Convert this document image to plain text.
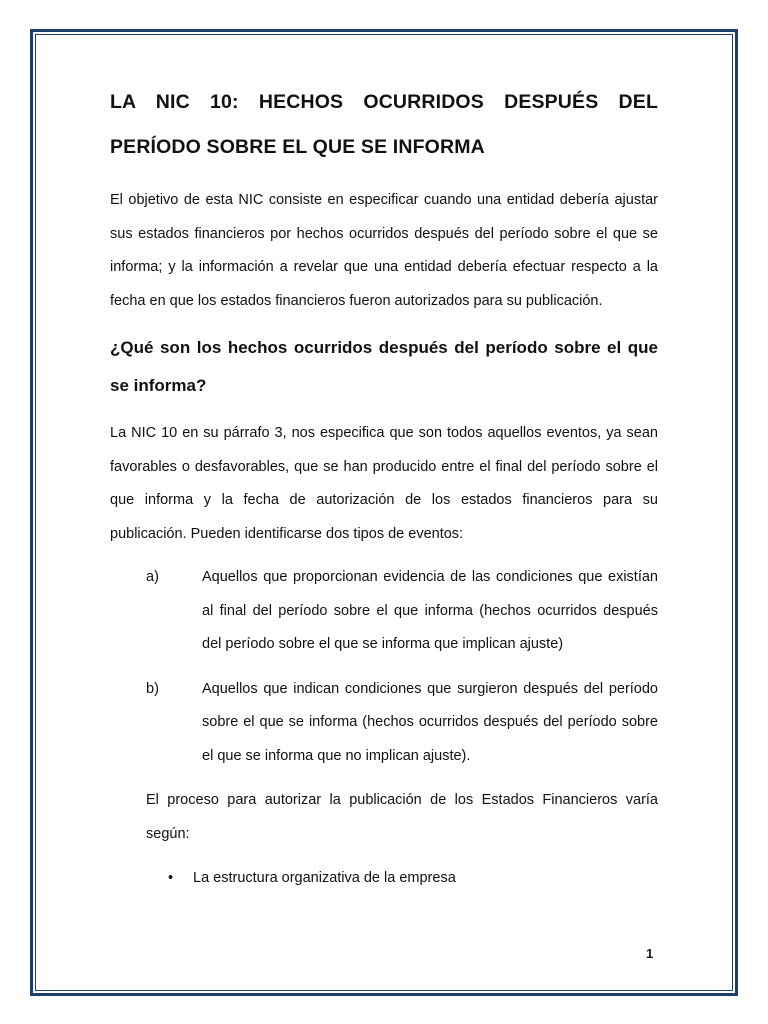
LA NIC 10: HECHOS OCURRIDOS DESPUÉS DEL
PERÍODO SOBRE EL QUE SE INFORMA

El objetivo de esta NIC consiste en especificar cuando una entidad debería ajustar sus estados financieros por hechos ocurridos después del período sobre el que se informa; y la información a revelar que una entidad debería efectuar respecto a la fecha en que los estados financieros fueron autorizados para su publicación.

¿Qué son los hechos ocurridos después del período sobre el que se informa?

La NIC 10 en su párrafo 3, nos especifica que son todos aquellos eventos, ya sean favorables o desfavorables, que se han producido entre el final del período sobre el que informa y la fecha de autorización de los estados financieros para su publicación. Pueden identificarse dos tipos de eventos:

a)	Aquellos que proporcionan evidencia de las condiciones que existían al final del período sobre el que informa (hechos ocurridos después del período sobre el que se informa que implican ajuste)

b)	Aquellos que indican condiciones que surgieron después del período sobre el que se informa (hechos ocurridos después del período sobre el que se informa que no implican ajuste).

El proceso para autorizar la publicación de los Estados Financieros varía según:

•	La estructura organizativa de la empresa
1
